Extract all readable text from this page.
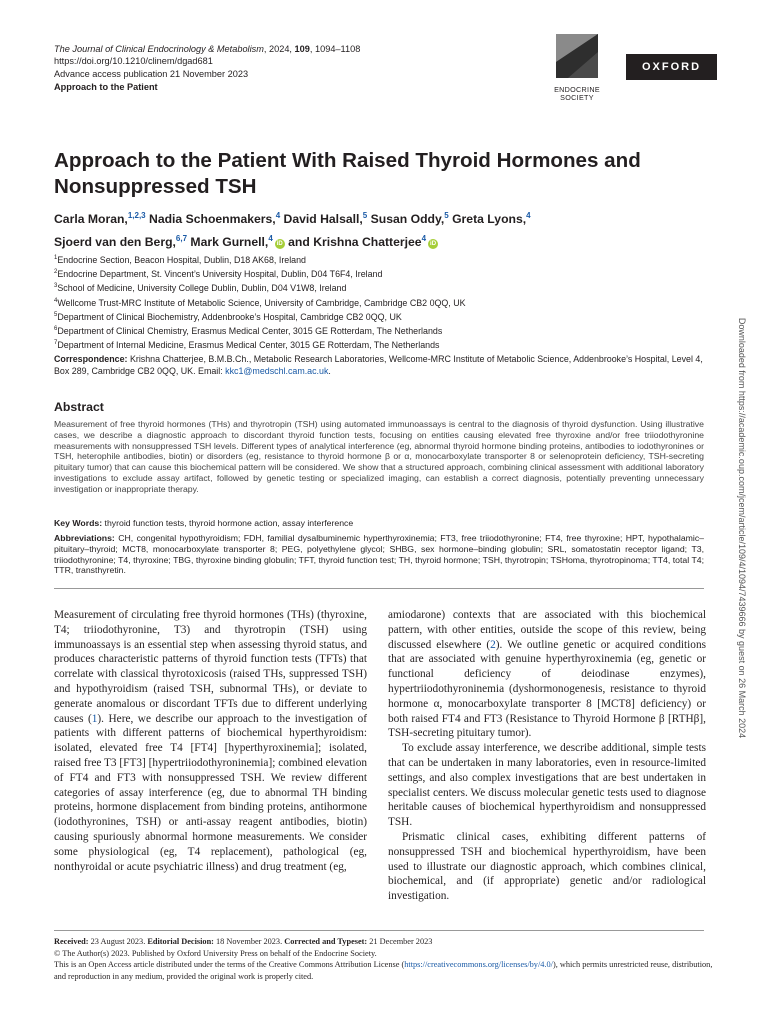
The Journal of Clinical Endocrinology & Metabolism, 2024, 109, 1094–1108
https://doi.org/10.1210/clinem/dgad681
Advance access publication 21 November 2023
Approach to the Patient	ENDOCRINE
SOCIETY
OXFORD
Approach to the Patient With Raised Thyroid Hormones and Nonsuppressed TSH
Carla Moran,$^{1,2,3}$ Nadia Schoenmakers,$^4$ David Halsall,$^5$ Susan Oddy,$^5$ Greta Lyons,$^4$
Sjoerd van den Berg,$^{6,7}$ Mark Gurnell,$^4$iD and Krishna Chatterjee$^4$iD
$^1$Endocrine Section, Beacon Hospital, Dublin, D18 AK68, Ireland
$^2$Endocrine Department, St. Vincent’s University Hospital, Dublin, D04 T6F4, Ireland
$^3$School of Medicine, University College Dublin, Dublin, D04 V1W8, Ireland
$^4$Wellcome Trust-MRC Institute of Metabolic Science, University of Cambridge, Cambridge CB2 0QQ, UK
$^5$Department of Clinical Biochemistry, Addenbrooke’s Hospital, Cambridge CB2 0QQ, UK
$^6$Department of Clinical Chemistry, Erasmus Medical Center, 3015 GE Rotterdam, The Netherlands
$^7$Department of Internal Medicine, Erasmus Medical Center, 3015 GE Rotterdam, The Netherlands
Correspondence: Krishna Chatterjee, B.M.B.Ch., Metabolic Research Laboratories, Wellcome-MRC Institute of Metabolic Science, Addenbrooke’s Hospital, Level 4, Box 289, Cambridge CB2 0QQ, UK. Email: kkc1@medschl.cam.ac.uk.	Downloaded from https://academic.oup.com/jcem/article/109/4/1094/7439666 by guest on 26 March 2024
Abstract
Measurement of free thyroid hormones (THs) and thyrotropin (TSH) using automated immunoassays is central to the diagnosis of thyroid dysfunction. Using illustrative cases, we describe a diagnostic approach to discordant thyroid function tests, focusing on entities causing elevated free thyroxine and/or free triiodothyronine measurements with nonsuppressed TSH levels. Different types of analytical interference (eg, abnormal thyroid hormone binding proteins, antibodies to iodothyronines or TSH, heterophile antibodies, biotin) or disorders (eg, resistance to thyroid hormone β or α, monocarboxylate transporter 8 or selenoprotein deficiency, TSH-secreting pituitary tumor) that can cause this biochemical pattern will be considered. We show that a structured approach, combining clinical assessment with additional laboratory investigations to exclude assay artifact, followed by genetic testing or specialized imaging, can establish a correct diagnosis, potentially preventing unnecessary investigation or inappropriate therapy.
Key Words: thyroid function tests, thyroid hormone action, assay interference
Abbreviations: CH, congenital hypothyroidism; FDH, familial dysalbuminemic hyperthyroxinemia; FT3, free triiodothyronine; FT4, free thyroxine; HPT, hypothalamic–pituitary–thyroid; MCT8, monocarboxylate transporter 8; PEG, polyethylene glycol; SHBG, sex hormone–binding globulin; SRL, somatostatin receptor ligand; T3, triiodothyronine; T4, thyroxine; TBG, thyroxine binding globulin; TFT, thyroid function test; TH, thyroid hormone; TSH, thyrotropin; TSHoma, thyrotropinoma; TT4, total T4; TTR, transthyretin.

Measurement of circulating free thyroid hormones (THs) (thyroxine, T4; triiodothyronine, T3) and thyrotropin (TSH) using immunoassays is an essential step when assessing thyroid status, and produces characteristic patterns of thyroid function tests (TFTs) that correlate with classical thyrotoxicosis (raised THs, suppressed TSH) and hypothyroidism (raised TSH, subnormal THs), or deviate to generate anomalous or discordant TFTs due to different underlying causes (1). Here, we describe our approach to the investigation of patients with different patterns of biochemical hyperthyroidism: isolated, elevated free T4 [FT4] [hyperthyroxinemia]; isolated, raised free T3 [FT3] [hypertriiodothyroninemia]; combined elevation of FT4 and FT3 with nonsuppressed TSH. We review different categories of assay interference (eg, due to abnormal TH binding proteins, hormone displacement from binding proteins, antihormone (iodothyronines, TSH) or anti-assay reagent antibodies, biotin) causing spuriously abnormal hormone measurements. We consider some physiological (eg, T4 replacement), pathological (eg, nonthyroidal or acute psychiatric illness) and drug treatment (eg,

amiodarone) contexts that are associated with this biochemical pattern, with other entities, outside the scope of this review, being discussed elsewhere (2). We outline genetic or acquired conditions that are associated with genuine hyperthyroxinemia (eg, genetic or functional deficiency of deiodinase enzymes), hypertriiodothyroninemia (dyshormonogenesis, resistance to thyroid hormone α, monocarboxylate transporter 8 [MCT8] deficiency) or both raised FT4 and FT3 (Resistance to Thyroid Hormone β [RTHβ], TSH-secreting pituitary tumor).

To exclude assay interference, we describe additional, simple tests that can be undertaken in many laboratories, even in resource-limited settings, and also complex investigations that are best undertaken in specialist centers. We discuss molecular genetic tests used to diagnose heritable causes of biochemical hyperthyroidism and nonsuppressed TSH.

Prismatic clinical cases, exhibiting different patterns of nonsuppressed TSH and biochemical hyperthyroidism, have been used to illustrate our diagnostic approach, which combines clinical, biochemical, and (if appropriate) genetic and/or radiological investigation.

Received: 23 August 2023. Editorial Decision: 18 November 2023. Corrected and Typeset: 21 December 2023
© The Author(s) 2023. Published by Oxford University Press on behalf of the Endocrine Society.
This is an Open Access article distributed under the terms of the Creative Commons Attribution License (https://creativecommons.org/licenses/by/4.0/), which permits unrestricted reuse, distribution, and reproduction in any medium, provided the original work is properly cited.
